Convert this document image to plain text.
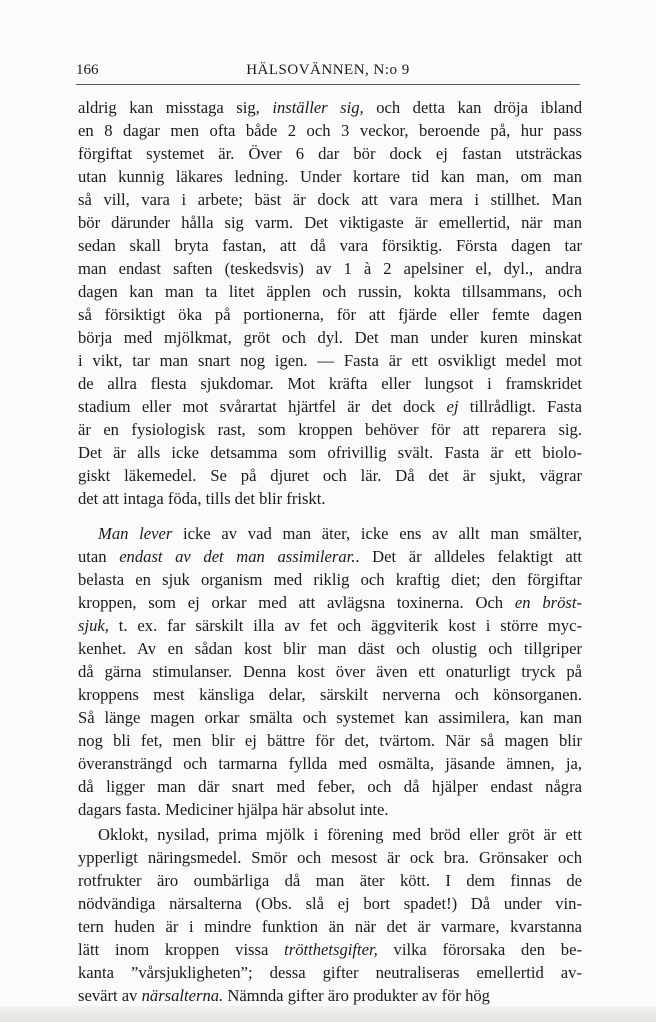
166	HÄLSOVÄNNEN, N:o 9
aldrig kan misstaga sig, inställer sig, och detta kan dröja ibland
en 8 dagar men ofta både 2 och 3 veckor, beroende på, hur pass
förgiftat systemet är. Över 6 dar bör dock ej fastan utsträckas
utan kunnig läkares ledning. Under kortare tid kan man, om man
så vill, vara i arbete; bäst är dock att vara mera i stillhet. Man
bör därunder hålla sig varm. Det viktigaste är emellertid, när man
sedan skall bryta fastan, att då vara försiktig. Första dagen tar
man endast saften (teskedsvis) av 1 à 2 apelsiner el, dyl., andra
dagen kan man ta litet äpplen och russin, kokta tillsammans, och
så försiktigt öka på portionerna, för att fjärde eller femte dagen
börja med mjölkmat, gröt och dyl. Det man under kuren minskat
i vikt, tar man snart nog igen. — Fasta är ett osvikligt medel mot
de allra flesta sjukdomar. Mot kräfta eller lungsot i framskridet
stadium eller mot svårartat hjärtfel är det dock ej tillrådligt. Fasta
är en fysiologisk rast, som kroppen behöver för att reparera sig.
Det är alls icke detsamma som ofrivillig svält. Fasta är ett biolo-
giskt läkemedel. Se på djuret och lär. Då det är sjukt, vägrar
det att intaga föda, tills det blir friskt.
Man lever icke av vad man äter, icke ens av allt man smälter,
utan endast av det man assimilerar.. Det är alldeles felaktigt att
belasta en sjuk organism med riklig och kraftig diet; den förgiftar
kroppen, som ej orkar med att avlägsna toxinerna. Och en bröst-
sjuk, t. ex. far särskilt illa av fet och äggviterik kost i större myc-
kenhet. Av en sådan kost blir man däst och olustig och tillgriper
då gärna stimulanser. Denna kost över även ett onaturligt tryck på
kroppens mest känsliga delar, särskilt nerverna och könsorganen.
Så länge magen orkar smälta och systemet kan assimilera, kan man
nog bli fet, men blir ej bättre för det, tvärtom. När så magen blir
överansträngd och tarmarna fyllda med osmälta, jäsande ämnen, ja,
då ligger man där snart med feber, och då hjälper endast några
dagars fasta. Mediciner hjälpa här absolut inte.
Oklokt, nysilad, prima mjölk i förening med bröd eller gröt är ett
ypperligt näringsmedel. Smör och mesost är ock bra. Grönsaker och
rotfrukter äro oumbärliga då man äter kött. I dem finnas de
nödvändiga närsalterna (Obs. slå ej bort spadet!) Då under vin-
tern huden är i mindre funktion än när det är varmare, kvarstanna
lätt inom kroppen vissa trötthetsgifter, vilka förorsaka den be-
kanta ”vårsjukligheten”; dessa gifter neutraliseras emellertid av-
sevärt av närsalterna. Nämnda gifter äro produkter av för hög
